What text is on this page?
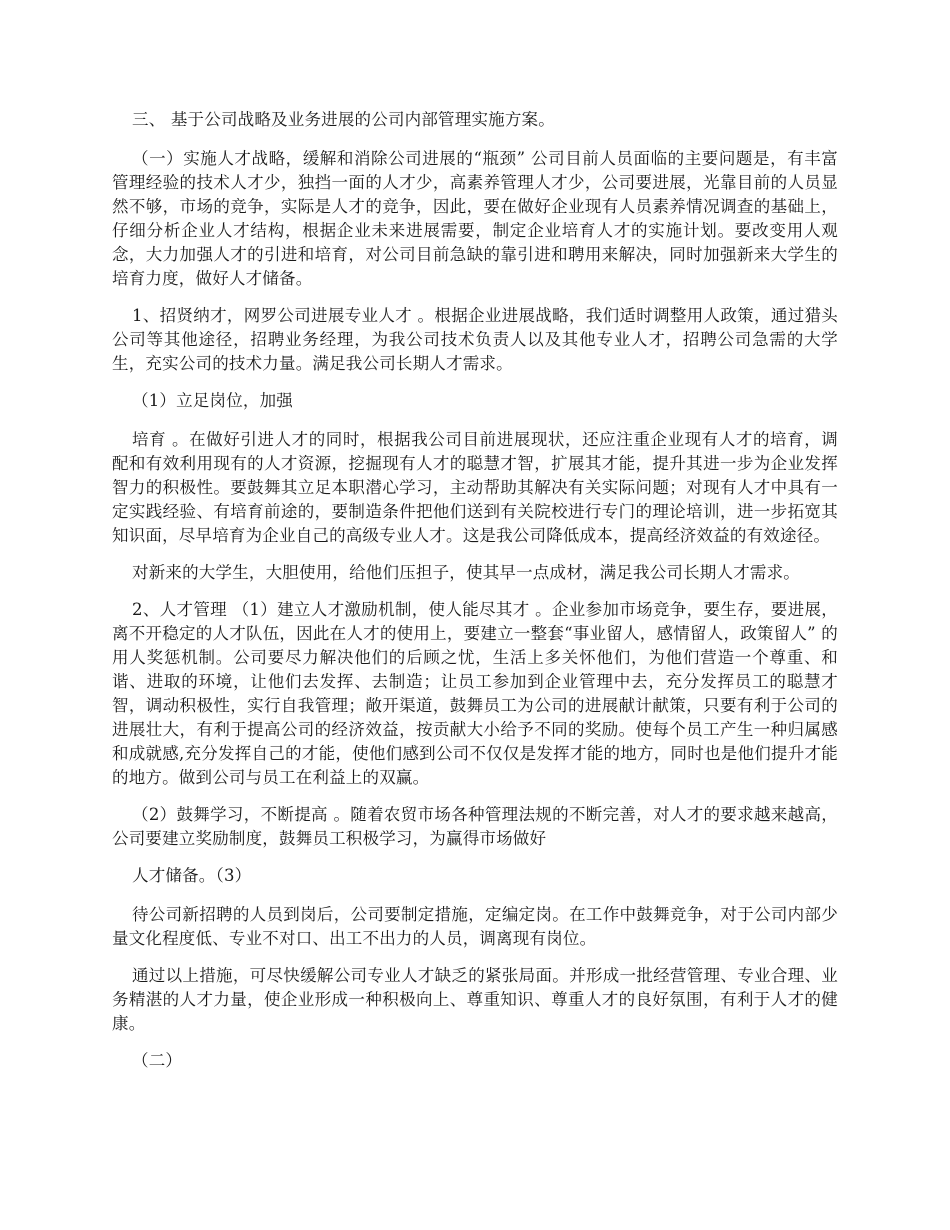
三、 基于公司战略及业务进展的公司内部管理实施方案。

（一）实施人才战略，缓解和消除公司进展的“瓶颈” 公司目前人员面临的主要问题是，有丰富管理经验的技术人才少，独挡一面的人才少，高素养管理人才少，公司要进展，光靠目前的人员显然不够，市场的竞争，实际是人才的竞争，因此，要在做好企业现有人员素养情况调查的基础上，仔细分析企业人才结构，根据企业未来进展需要，制定企业培育人才的实施计划。要改变用人观念，大力加强人才的引进和培育，对公司目前急缺的靠引进和聘用来解决，同时加强新来大学生的培育力度，做好人才储备。

1、招贤纳才，网罗公司进展专业人才 。根据企业进展战略，我们适时调整用人政策，通过猎头公司等其他途径，招聘业务经理，为我公司技术负责人以及其他专业人才，招聘公司急需的大学生，充实公司的技术力量。满足我公司长期人才需求。

（1）立足岗位，加强

培育 。在做好引进人才的同时，根据我公司目前进展现状，还应注重企业现有人才的培育，调配和有效利用现有的人才资源，挖掘现有人才的聪慧才智，扩展其才能，提升其进一步为企业发挥智力的积极性。要鼓舞其立足本职潜心学习，主动帮助其解决有关实际问题；对现有人才中具有一定实践经验、有培育前途的，要制造条件把他们送到有关院校进行专门的理论培训，进一步拓宽其知识面，尽早培育为企业自己的高级专业人才。这是我公司降低成本，提高经济效益的有效途径。

对新来的大学生，大胆使用，给他们压担子，使其早一点成材，满足我公司长期人才需求。

2、人才管理 （1）建立人才激励机制，使人能尽其才 。企业参加市场竞争，要生存，要进展，离不开稳定的人才队伍，因此在人才的使用上，要建立一整套“事业留人，感情留人，政策留人” 的用人奖惩机制。公司要尽力解决他们的后顾之忧，生活上多关怀他们，为他们营造一个尊重、和谐、进取的环境，让他们去发挥、去制造；让员工参加到企业管理中去，充分发挥员工的聪慧才智，调动积极性，实行自我管理；敞开渠道，鼓舞员工为公司的进展献计献策，只要有利于公司的进展壮大，有利于提高公司的经济效益，按贡献大小给予不同的奖励。使每个员工产生一种归属感和成就感,充分发挥自己的才能，使他们感到公司不仅仅是发挥才能的地方，同时也是他们提升才能的地方。做到公司与员工在利益上的双赢。

（2）鼓舞学习，不断提高 。随着农贸市场各种管理法规的不断完善，对人才的要求越来越高，公司要建立奖励制度，鼓舞员工积极学习，为赢得市场做好

人才储备。（3）

待公司新招聘的人员到岗后，公司要制定措施，定编定岗。在工作中鼓舞竞争，对于公司内部少量文化程度低、专业不对口、出工不出力的人员，调离现有岗位。

通过以上措施，可尽快缓解公司专业人才缺乏的紧张局面。并形成一批经营管理、专业合理、业务精湛的人才力量，使企业形成一种积极向上、尊重知识、尊重人才的良好氛围，有利于人才的健康。

（二）
